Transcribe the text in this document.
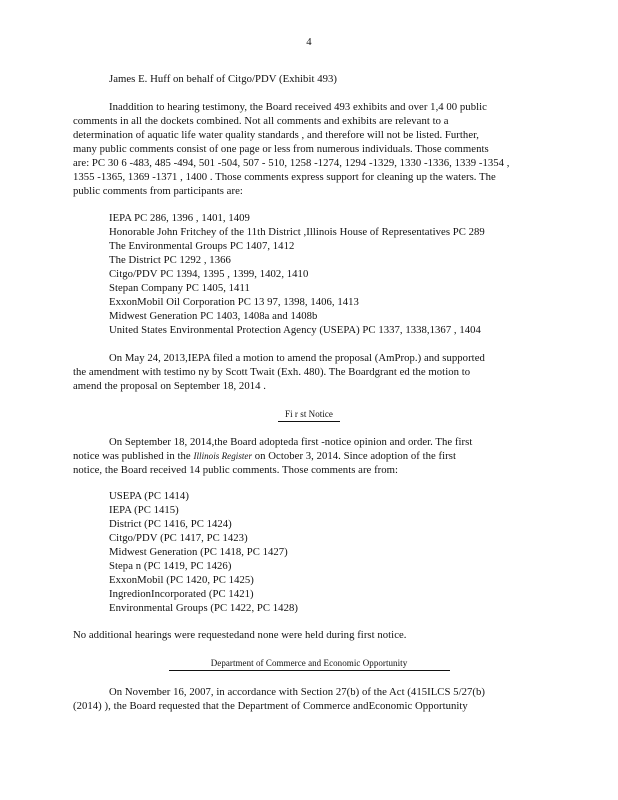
4
James E. Huff on behalf of Citgo/PDV (Exhibit 493)
Inaddition to hearing testimony, the Board received 493 exhibits and over 1,4 00 public
comments in all the dockets combined. Not all comments and exhibits are relevant to a
determination of aquatic life water quality standards , and therefore will not be listed. Further,
many public comments consist of one page or less from numerous individuals. Those comments
are: PC 30 6 -483, 485 -494, 501 -504, 507 - 510, 1258 -1274, 1294 -1329, 1330 -1336, 1339 -1354 ,
1355 -1365, 1369 -1371 , 1400 . Those comments express support for cleaning up the waters. The
public comments from participants are:
IEPA PC 286, 1396 , 1401, 1409
Honorable John Fritchey of the 11th District ,Illinois House of Representatives PC 289
The Environmental Groups PC 1407, 1412
The District PC 1292 , 1366
Citgo/PDV PC 1394, 1395 , 1399, 1402, 1410
Stepan Company PC 1405, 1411
ExxonMobil Oil Corporation PC 13 97, 1398, 1406, 1413
Midwest Generation PC 1403, 1408a and 1408b
United States Environmental Protection Agency (USEPA) PC 1337, 1338,1367 , 1404
On May 24, 2013,IEPA filed a motion to amend the proposal (AmProp.) and supported
the amendment with testimo ny by Scott Twait (Exh. 480). The Boardgrant ed the motion to
amend the proposal on September 18, 2014 .
Fi r st Notice
On September 18, 2014,the Board adopteda first -notice opinion and order. The first
notice was published in the Illinois Register on October 3, 2014. Since adoption of the first
notice, the Board received 14 public comments. Those comments are from:
USEPA (PC 1414)
IEPA (PC 1415)
District (PC 1416, PC 1424)
Citgo/PDV (PC 1417, PC 1423)
Midwest Generation (PC 1418, PC 1427)
Stepa n (PC 1419, PC 1426)
ExxonMobil (PC 1420, PC 1425)
IngredionIncorporated (PC 1421)
Environmental Groups (PC 1422, PC 1428)
No additional hearings were requestedand none were held during first notice.
Department of Commerce and Economic Opportunity
On November 16, 2007, in accordance with Section 27(b) of the Act (415ILCS 5/27(b)
(2014) ), the Board requested that the Department of Commerce andEconomic Opportunity
